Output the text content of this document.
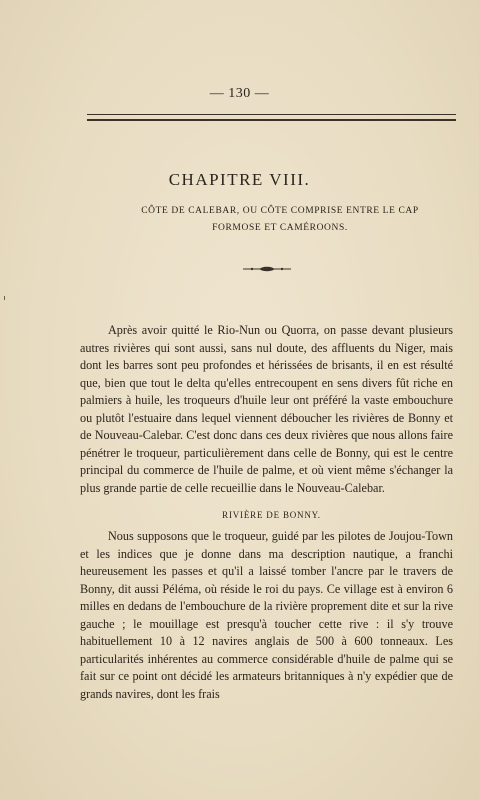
— 130 —
CHAPITRE VIII.
CÔTE DE CALEBAR, OU CÔTE COMPRISE ENTRE LE CAP FORMOSE ET CAMÉROONS.
Après avoir quitté le Rio-Nun ou Quorra, on passe devant plusieurs autres rivières qui sont aussi, sans nul doute, des affluents du Niger, mais dont les barres sont peu profondes et hérissées de brisants, il en est résulté que, bien que tout le delta qu'elles entrecoupent en sens divers fût riche en palmiers à huile, les troqueurs d'huile leur ont préféré la vaste embouchure ou plutôt l'estuaire dans lequel viennent déboucher les rivières de Bonny et de Nouveau-Calebar. C'est donc dans ces deux rivières que nous allons faire pénétrer le troqueur, particulièrement dans celle de Bonny, qui est le centre principal du commerce de l'huile de palme, et où vient même s'échanger la plus grande partie de celle recueillie dans le Nouveau-Calebar.
RIVIÈRE DE BONNY.
Nous supposons que le troqueur, guidé par les pilotes de Joujou-Town et les indices que je donne dans ma description nautique, a franchi heureusement les passes et qu'il a laissé tomber l'ancre par le travers de Bonny, dit aussi Péléma, où réside le roi du pays. Ce village est à environ 6 milles en dedans de l'embouchure de la rivière proprement dite et sur la rive gauche ; le mouillage est presqu'à toucher cette rive : il s'y trouve habituellement 10 à 12 navires anglais de 500 à 600 tonneaux. Les particularités inhérentes au commerce considérable d'huile de palme qui se fait sur ce point ont décidé les armateurs britanniques à n'y expédier que de grands navires, dont les frais
